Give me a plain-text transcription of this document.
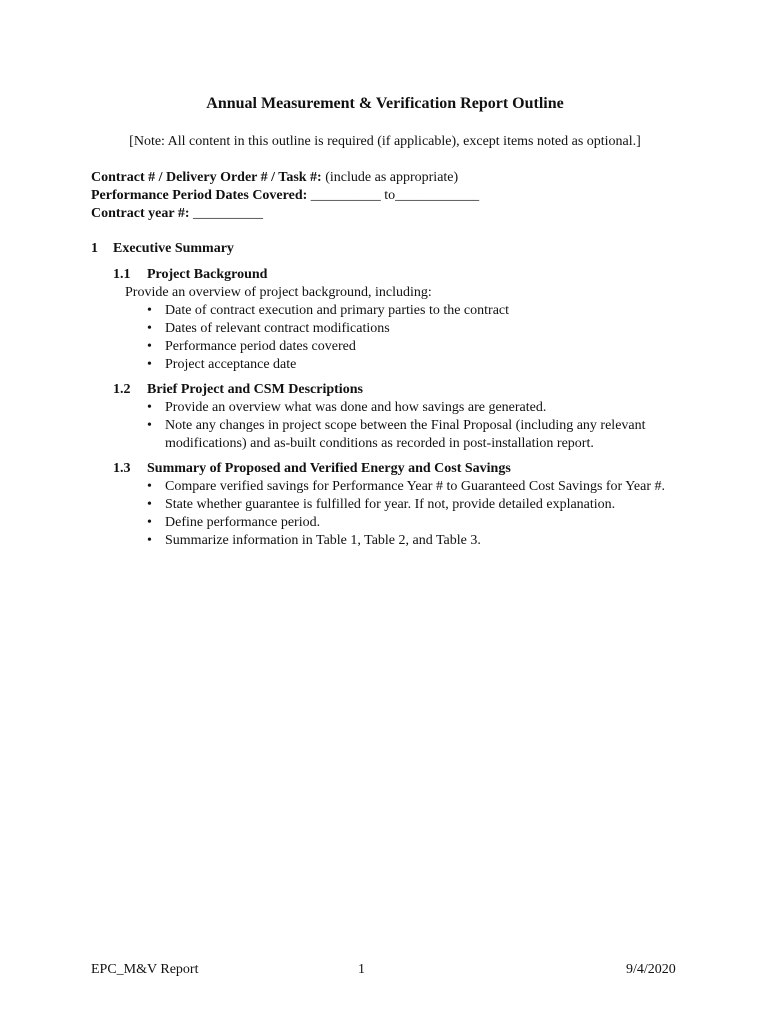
Annual Measurement & Verification Report Outline
[Note: All content in this outline is required (if applicable), except items noted as optional.]
Contract # / Delivery Order # / Task #: (include as appropriate)
Performance Period Dates Covered: __________ to____________
Contract year #: __________
1 Executive Summary
1.1 Project Background
Provide an overview of project background, including:
• Date of contract execution and primary parties to the contract
• Dates of relevant contract modifications
• Performance period dates covered
• Project acceptance date
1.2 Brief Project and CSM Descriptions
• Provide an overview what was done and how savings are generated.
• Note any changes in project scope between the Final Proposal (including any relevant modifications) and as-built conditions as recorded in post-installation report.
1.3 Summary of Proposed and Verified Energy and Cost Savings
• Compare verified savings for Performance Year # to Guaranteed Cost Savings for Year #.
• State whether guarantee is fulfilled for year. If not, provide detailed explanation.
• Define performance period.
• Summarize information in Table 1, Table 2, and Table 3.
EPC_M&V Report	1	9/4/2020
